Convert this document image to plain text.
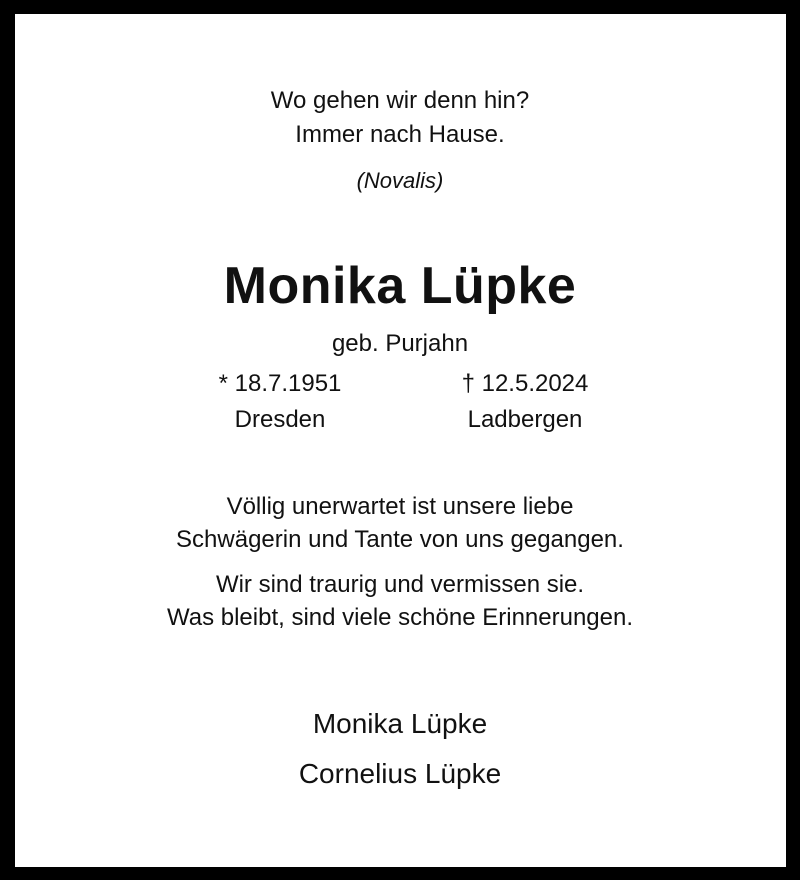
Wo gehen wir denn hin?
Immer nach Hause.
(Novalis)
Monika Lüpke
geb. Purjahn
* 18.7.1951
Dresden
† 12.5.2024
Ladbergen
Völlig unerwartet ist unsere liebe
Schwägerin und Tante von uns gegangen.
Wir sind traurig und vermissen sie.
Was bleibt, sind viele schöne Erinnerungen.
Monika Lüpke
Cornelius Lüpke
